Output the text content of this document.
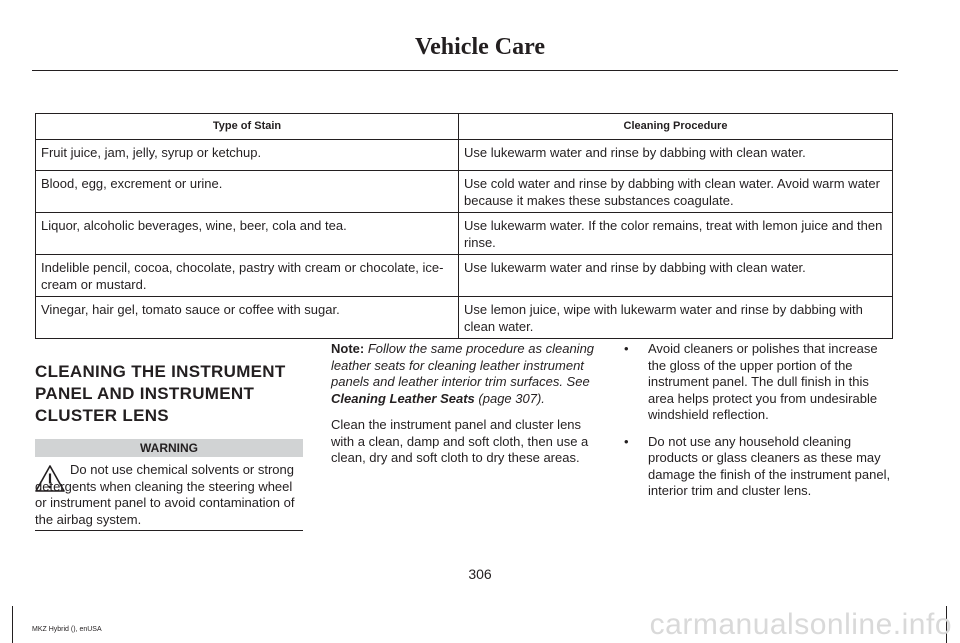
Vehicle Care
Type of Stain	Cleaning Procedure
Fruit juice, jam, jelly, syrup or ketchup.	Use lukewarm water and rinse by dabbing with clean water.
Blood, egg, excrement or urine.	Use cold water and rinse by dabbing with clean water. Avoid warm water because it makes these substances coagulate.
Liquor, alcoholic beverages, wine, beer, cola and tea.	Use lukewarm water. If the color remains, treat with lemon juice and then rinse.
Indelible pencil, cocoa, chocolate, pastry with cream or chocolate, ice-cream or mustard.	Use lukewarm water and rinse by dabbing with clean water.
Vinegar, hair gel, tomato sauce or coffee with sugar.	Use lemon juice, wipe with lukewarm water and rinse by dabbing with clean water.
CLEANING THE INSTRUMENT
PANEL AND INSTRUMENT
CLUSTER LENS
WARNING
Do not use chemical solvents or strong detergents when cleaning the steering wheel or instrument panel to avoid contamination of the airbag system.

Note: Follow the same procedure as cleaning leather seats for cleaning leather instrument panels and leather interior trim surfaces. See Cleaning Leather Seats (page 307).

Clean the instrument panel and cluster lens with a clean, damp and soft cloth, then use a clean, dry and soft cloth to dry these areas.

• Avoid cleaners or polishes that increase the gloss of the upper portion of the instrument panel. The dull finish in this area helps protect you from undesirable windshield reflection.
• Do not use any household cleaning products or glass cleaners as these may damage the finish of the instrument panel, interior trim and cluster lens.
306
MKZ Hybrid (), enUSA	carmanualsonline.info
